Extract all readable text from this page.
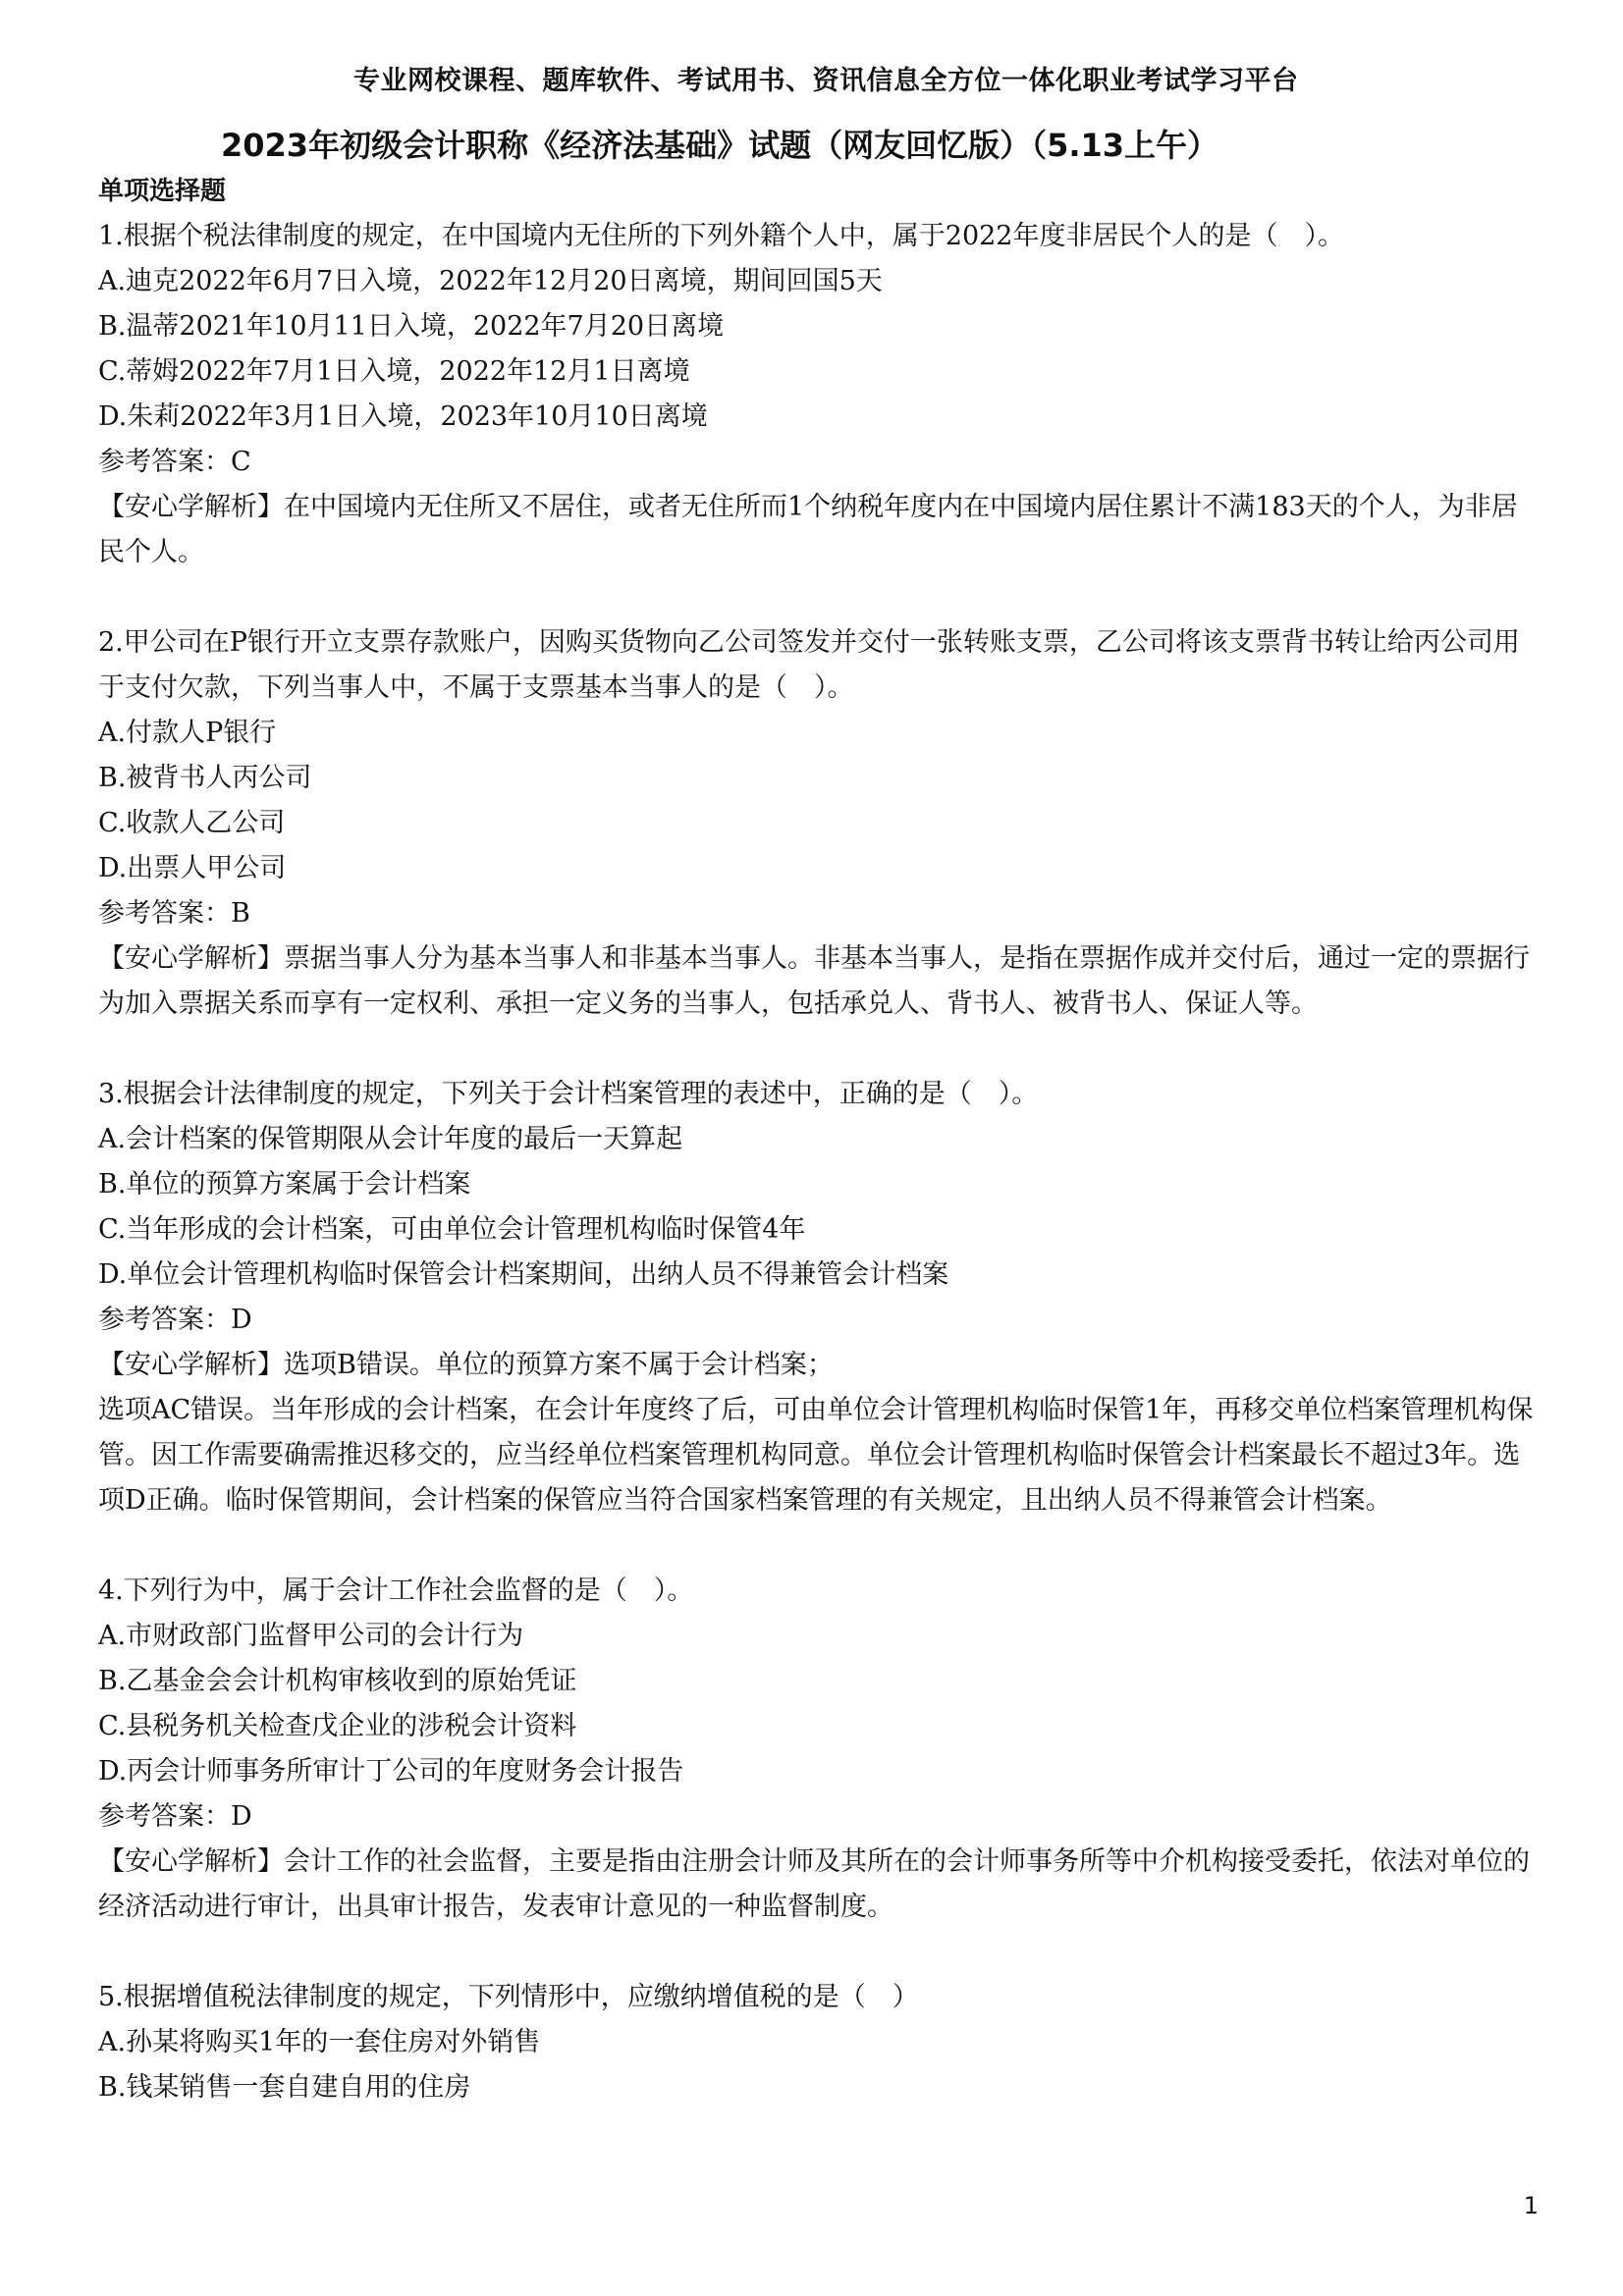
专业网校课程、题库软件、考试用书、资讯信息全方位一体化职业考试学习平台
2023年初级会计职称《经济法基础》试题（网友回忆版）（5.13上午）
单项选择题
1.根据个税法律制度的规定，在中国境内无住所的下列外籍个人中，属于2022年度非居民个人的是（　）。
A.迪克2022年6月7日入境，2022年12月20日离境，期间回国5天
B.温蒂2021年10月11日入境，2022年7月20日离境
C.蒂姆2022年7月1日入境，2022年12月1日离境
D.朱莉2022年3月1日入境，2023年10月10日离境
参考答案：C
【安心学解析】在中国境内无住所又不居住，或者无住所而1个纳税年度内在中国境内居住累计不满183天的个人，为非居民个人。
2.甲公司在P银行开立支票存款账户，因购买货物向乙公司签发并交付一张转账支票，乙公司将该支票背书转让给丙公司用于支付欠款，下列当事人中，不属于支票基本当事人的是（　）。
A.付款人P银行
B.被背书人丙公司
C.收款人乙公司
D.出票人甲公司
参考答案：B
【安心学解析】票据当事人分为基本当事人和非基本当事人。非基本当事人，是指在票据作成并交付后，通过一定的票据行为加入票据关系而享有一定权利、承担一定义务的当事人，包括承兑人、背书人、被背书人、保证人等。
3.根据会计法律制度的规定，下列关于会计档案管理的表述中，正确的是（　）。
A.会计档案的保管期限从会计年度的最后一天算起
B.单位的预算方案属于会计档案
C.当年形成的会计档案，可由单位会计管理机构临时保管4年
D.单位会计管理机构临时保管会计档案期间，出纳人员不得兼管会计档案
参考答案：D
【安心学解析】选项B错误。单位的预算方案不属于会计档案；
选项AC错误。当年形成的会计档案，在会计年度终了后，可由单位会计管理机构临时保管1年，再移交单位档案管理机构保管。因工作需要确需推迟移交的，应当经单位档案管理机构同意。单位会计管理机构临时保管会计档案最长不超过3年。选项D正确。临时保管期间，会计档案的保管应当符合国家档案管理的有关规定，且出纳人员不得兼管会计档案。
4.下列行为中，属于会计工作社会监督的是（　）。
A.市财政部门监督甲公司的会计行为
B.乙基金会会计机构审核收到的原始凭证
C.县税务机关检查戊企业的涉税会计资料
D.丙会计师事务所审计丁公司的年度财务会计报告
参考答案：D
【安心学解析】会计工作的社会监督，主要是指由注册会计师及其所在的会计师事务所等中介机构接受委托，依法对单位的经济活动进行审计，出具审计报告，发表审计意见的一种监督制度。
5.根据增值税法律制度的规定，下列情形中，应缴纳增值税的是（　）
A.孙某将购买1年的一套住房对外销售
B.钱某销售一套自建自用的住房
1
